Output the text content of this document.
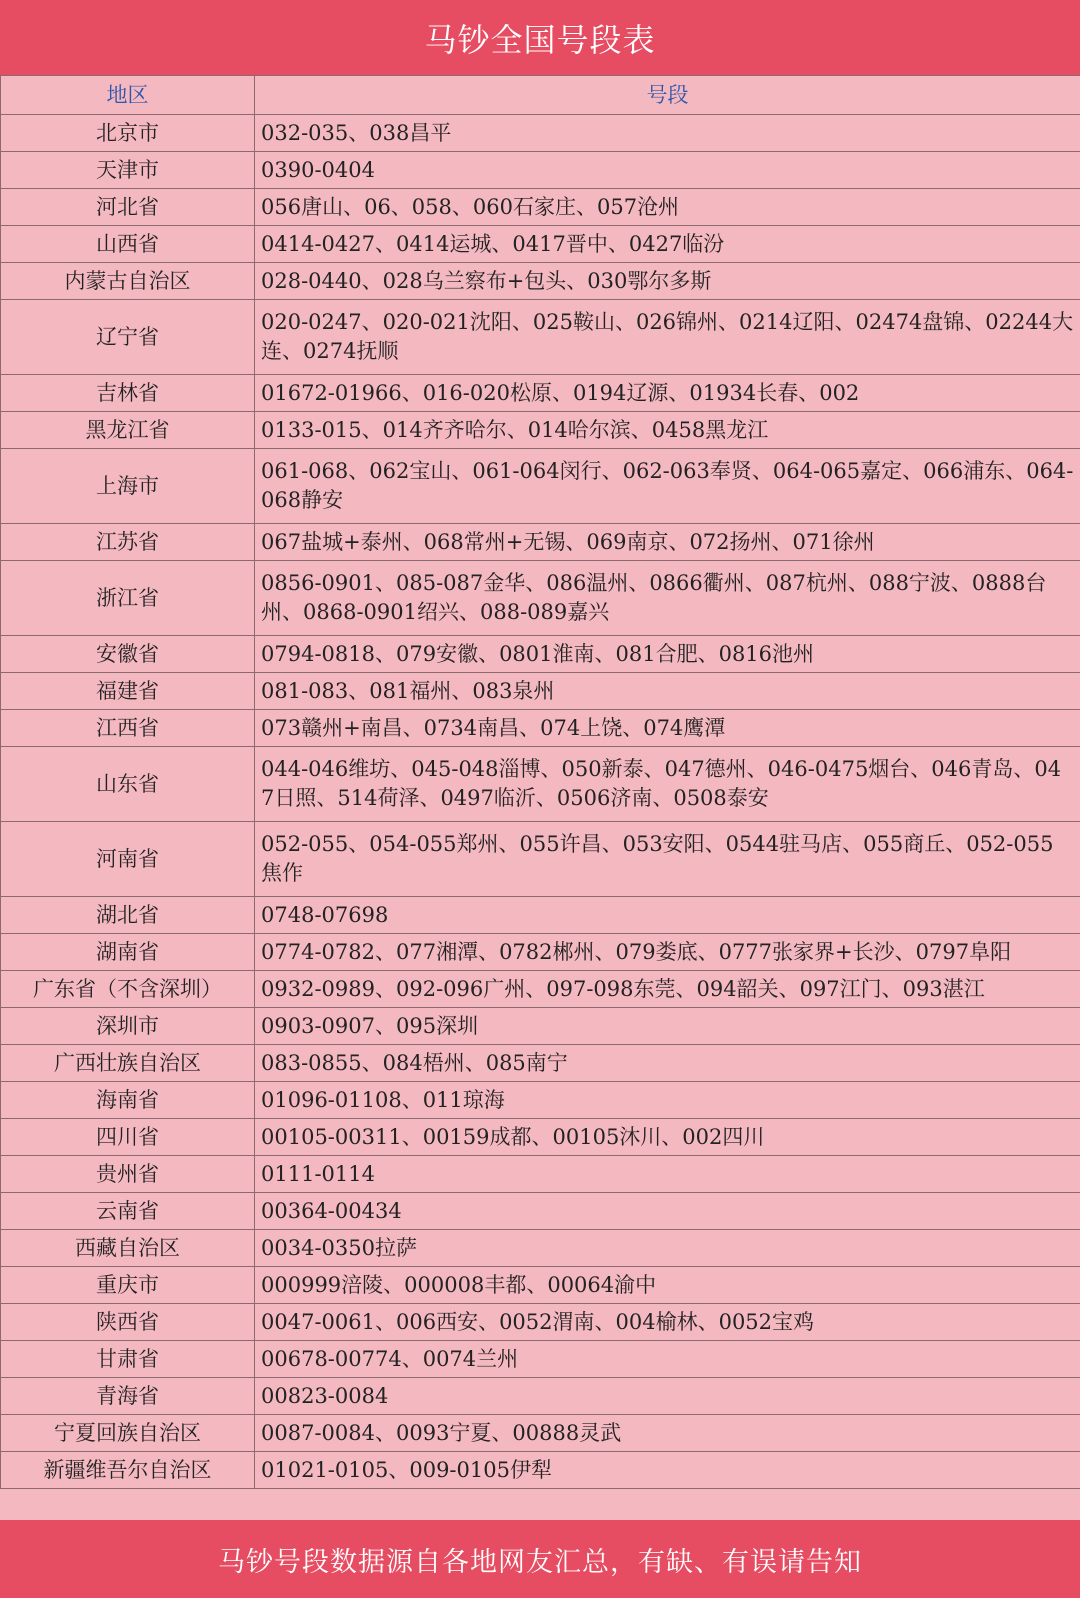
马钞全国号段表
地区	号段
北京市	032-035、038昌平
天津市	0390-0404
河北省	056唐山、06、058、060石家庄、057沧州
山西省	0414-0427、0414运城、0417晋中、0427临汾
内蒙古自治区	028-0440、028乌兰察布+包头、030鄂尔多斯
辽宁省	020-0247、020-021沈阳、025鞍山、026锦州、0214辽阳、02474盘锦、02244大连、0274抚顺
吉林省	01672-01966、016-020松原、0194辽源、01934长春、002
黑龙江省	0133-015、014齐齐哈尔、014哈尔滨、0458黑龙江
上海市	061-068、062宝山、061-064闵行、062-063奉贤、064-065嘉定、066浦东、064-068静安
江苏省	067盐城+泰州、068常州+无锡、069南京、072扬州、071徐州
浙江省	0856-0901、085-087金华、086温州、0866衢州、087杭州、088宁波、0888台州、0868-0901绍兴、088-089嘉兴
安徽省	0794-0818、079安徽、0801淮南、081合肥、0816池州
福建省	081-083、081福州、083泉州
江西省	073赣州+南昌、0734南昌、074上饶、074鹰潭
山东省	044-046维坊、045-048淄博、050新泰、047德州、046-0475烟台、046青岛、047日照、514荷泽、0497临沂、0506济南、0508泰安
河南省	052-055、054-055郑州、055许昌、053安阳、0544驻马店、055商丘、052-055焦作
湖北省	0748-07698
湖南省	0774-0782、077湘潭、0782郴州、079娄底、0777张家界+长沙、0797阜阳
广东省（不含深圳）	0932-0989、092-096广州、097-098东莞、094韶关、097江门、093湛江
深圳市	0903-0907、095深圳
广西壮族自治区	083-0855、084梧州、085南宁
海南省	01096-01108、011琼海
四川省	00105-00311、00159成都、00105沐川、002四川
贵州省	0111-0114
云南省	00364-00434
西藏自治区	0034-0350拉萨
重庆市	000999涪陵、000008丰都、00064渝中
陕西省	0047-0061、006西安、0052渭南、004榆林、0052宝鸡
甘肃省	00678-00774、0074兰州
青海省	00823-0084
宁夏回族自治区	0087-0084、0093宁夏、00888灵武
新疆维吾尔自治区	01021-0105、009-0105伊犁
马钞号段数据源自各地网友汇总，有缺、有误请告知
